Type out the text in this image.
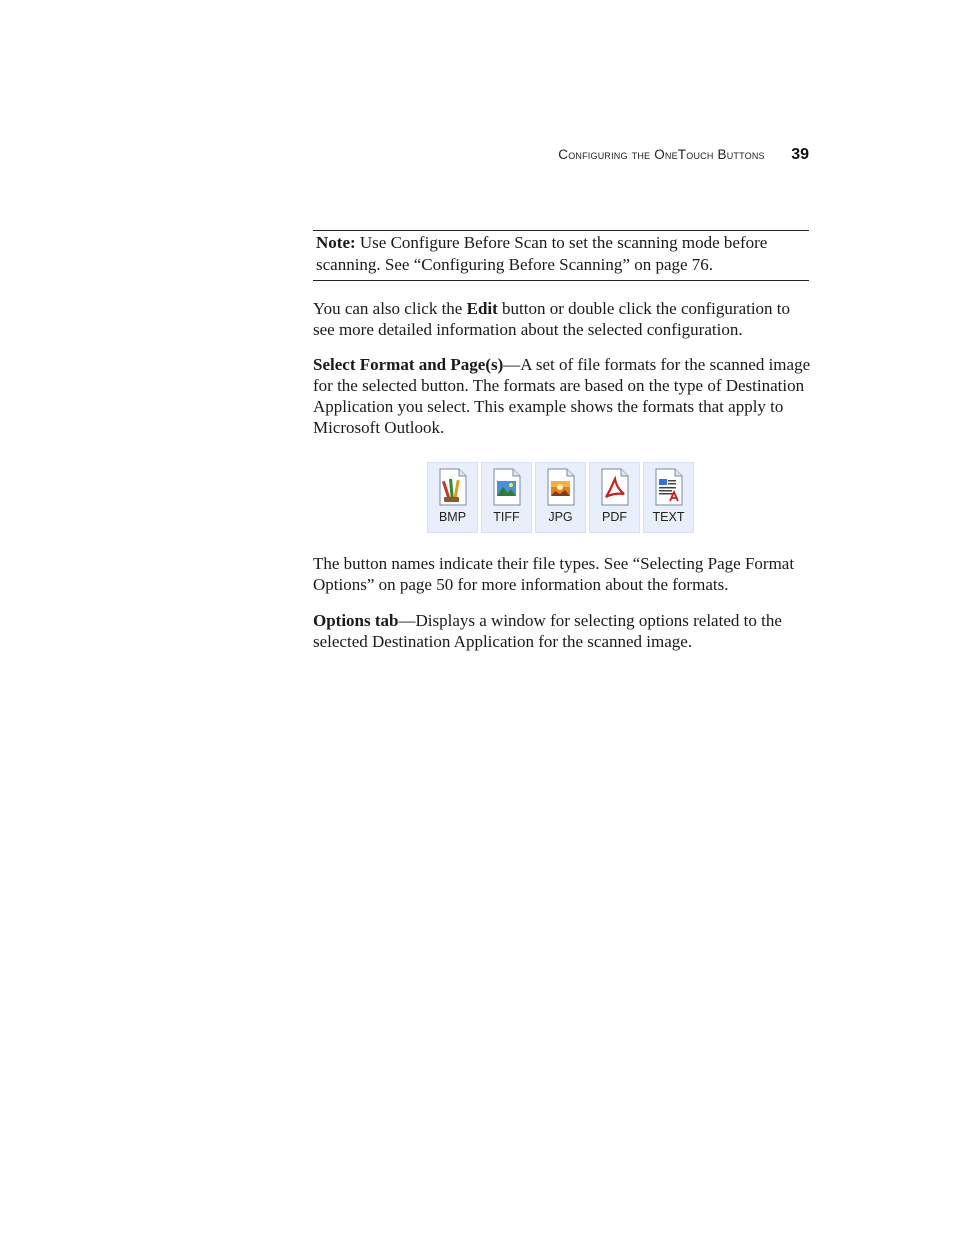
Configuring the OneTouch Buttons 39
Note: Use Configure Before Scan to set the scanning mode before scanning. See “Configuring Before Scanning” on page 76.

You can also click the Edit button or double click the configuration to see more detailed information about the selected configuration.

Select Format and Page(s)—A set of file formats for the scanned image for the selected button. The formats are based on the type of Destination Application you select. This example shows the formats that apply to Microsoft Outlook.

BMP TIFF JPG PDF TEXT

The button names indicate their file types. See “Selecting Page Format Options” on page 50 for more information about the formats.

Options tab—Displays a window for selecting options related to the selected Destination Application for the scanned image.
